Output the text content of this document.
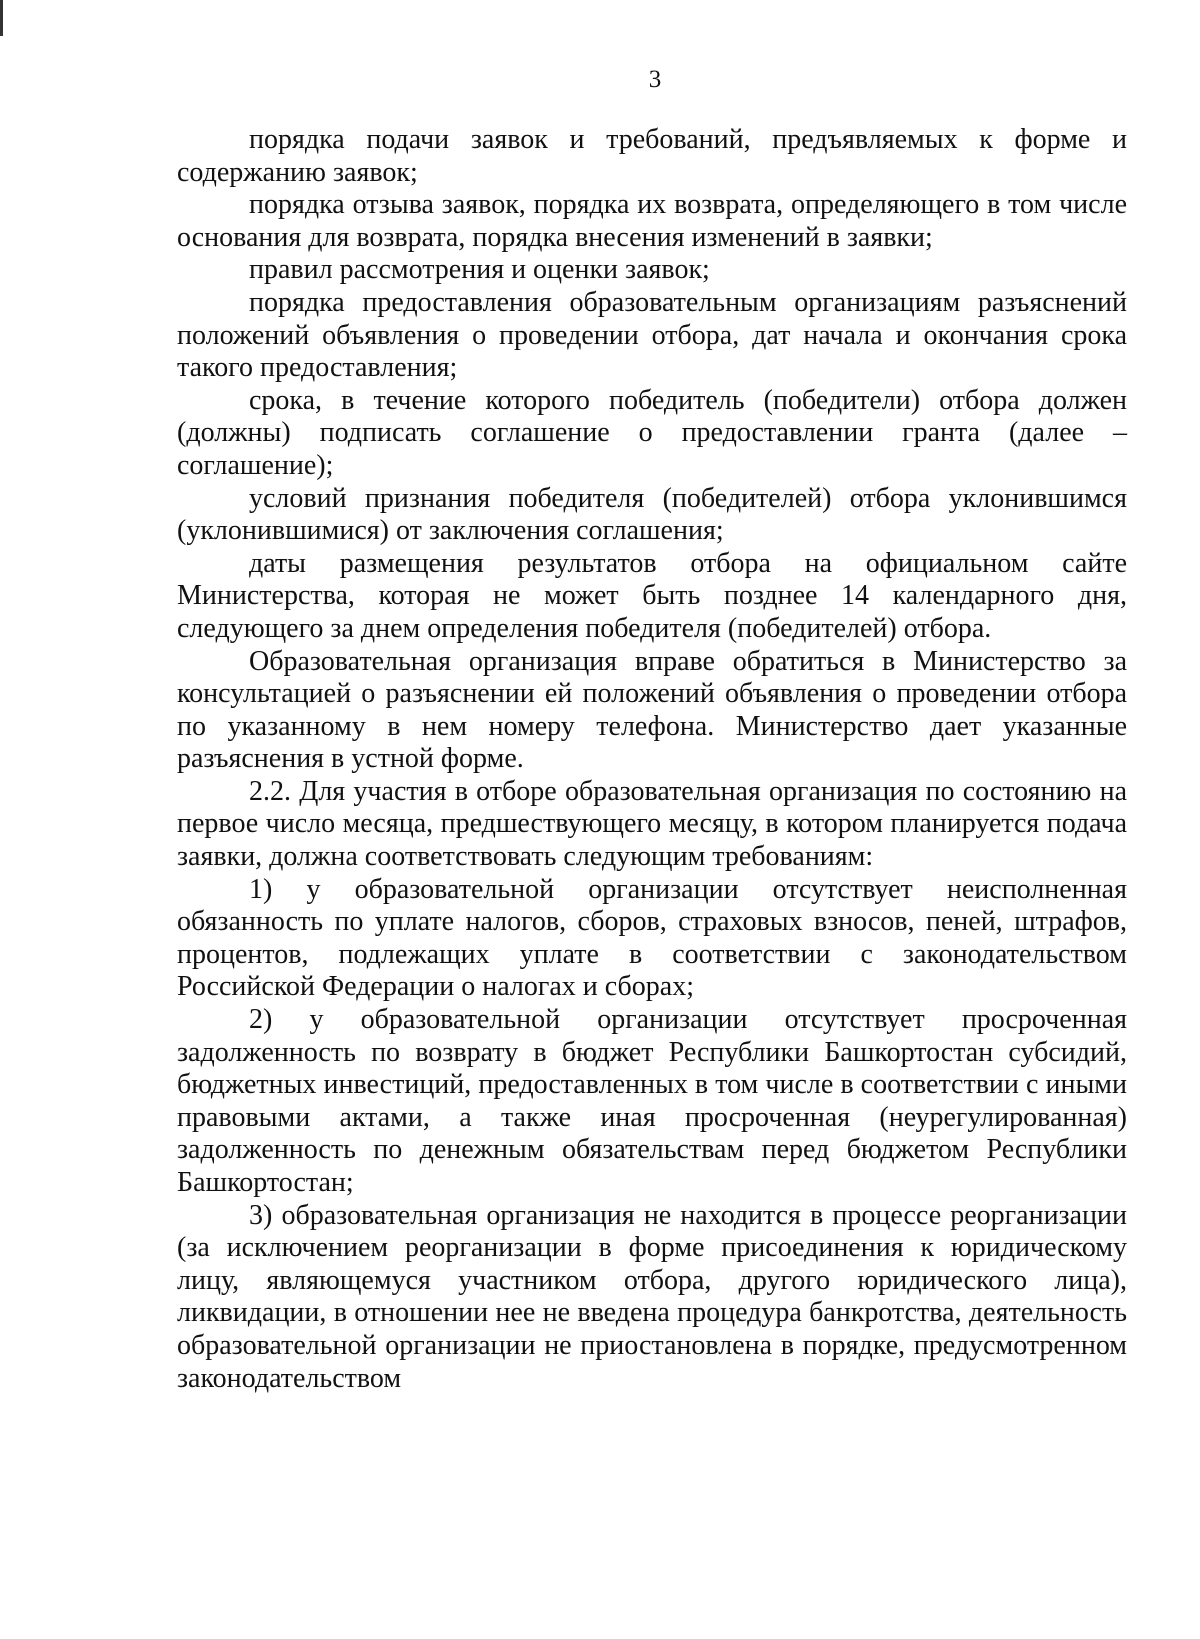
3

порядка подачи заявок и требований, предъявляемых к форме и содержанию заявок;

порядка отзыва заявок, порядка их возврата, определяющего в том числе основания для возврата, порядка внесения изменений в заявки;

правил рассмотрения и оценки заявок;

порядка предоставления образовательным организациям разъяснений положений объявления о проведении отбора, дат начала и окончания срока такого предоставления;

срока, в течение которого победитель (победители) отбора должен (должны) подписать соглашение о предоставлении гранта (далее – соглашение);

условий признания победителя (победителей) отбора уклонившимся (уклонившимися) от заключения соглашения;

даты размещения результатов отбора на официальном сайте Министерства, которая не может быть позднее 14 календарного дня, следующего за днем определения победителя (победителей) отбора.

Образовательная организация вправе обратиться в Министерство за консультацией о разъяснении ей положений объявления о проведении отбора по указанному в нем номеру телефона. Министерство дает указанные разъяснения в устной форме.

2.2. Для участия в отборе образовательная организация по состоянию на первое число месяца, предшествующего месяцу, в котором планируется подача заявки, должна соответствовать следующим требованиям:

1) у образовательной организации отсутствует неисполненная обязанность по уплате налогов, сборов, страховых взносов, пеней, штрафов, процентов, подлежащих уплате в соответствии с законодательством Российской Федерации о налогах и сборах;

2) у образовательной организации отсутствует просроченная задолженность по возврату в бюджет Республики Башкортостан субсидий, бюджетных инвестиций, предоставленных в том числе в соответствии с иными правовыми актами, а также иная просроченная (неурегулированная) задолженность по денежным обязательствам перед бюджетом Республики Башкортостан;

3) образовательная организация не находится в процессе реорганизации (за исключением реорганизации в форме присоединения к юридическому лицу, являющемуся участником отбора, другого юридического лица), ликвидации, в отношении нее не введена процедура банкротства, деятельность образовательной организации не приостановлена в порядке, предусмотренном законодательством
